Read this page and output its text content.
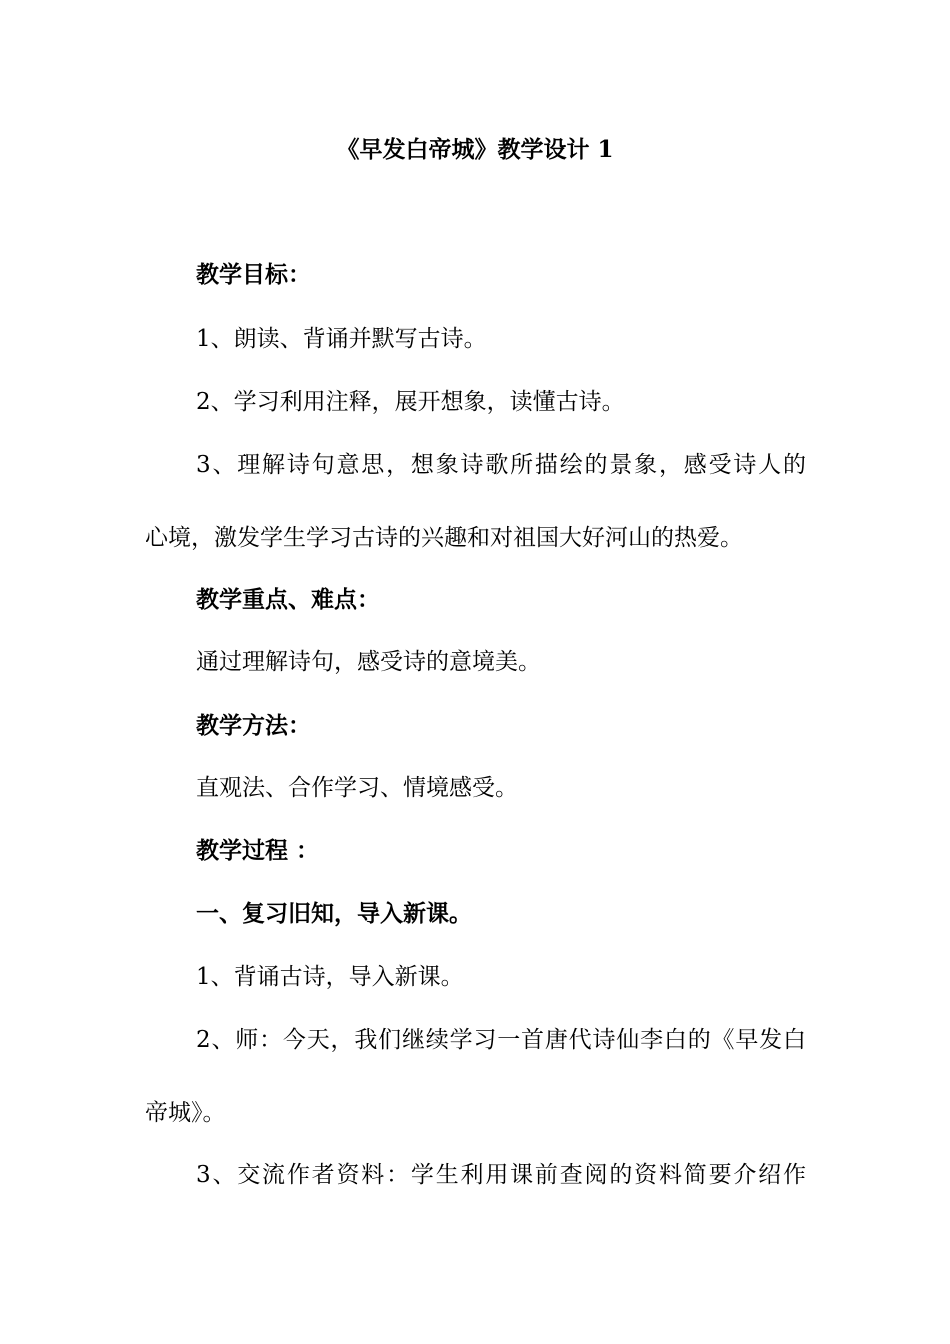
《早发白帝城》教学设计 1
教学目标：
1、朗读、背诵并默写古诗。
2、学习利用注释，展开想象，读懂古诗。
3、理解诗句意思，想象诗歌所描绘的景象，感受诗人的
心境，激发学生学习古诗的兴趣和对祖国大好河山的热爱。
教学重点、难点：
通过理解诗句，感受诗的意境美。
教学方法：
直观法、合作学习、情境感受。
教学过程 ：
一、复习旧知，导入新课。
1、背诵古诗，导入新课。
2、师：今天，我们继续学习一首唐代诗仙李白的《早发白
帝城》。
3、交流作者资料：学生利用课前查阅的资料简要介绍作
